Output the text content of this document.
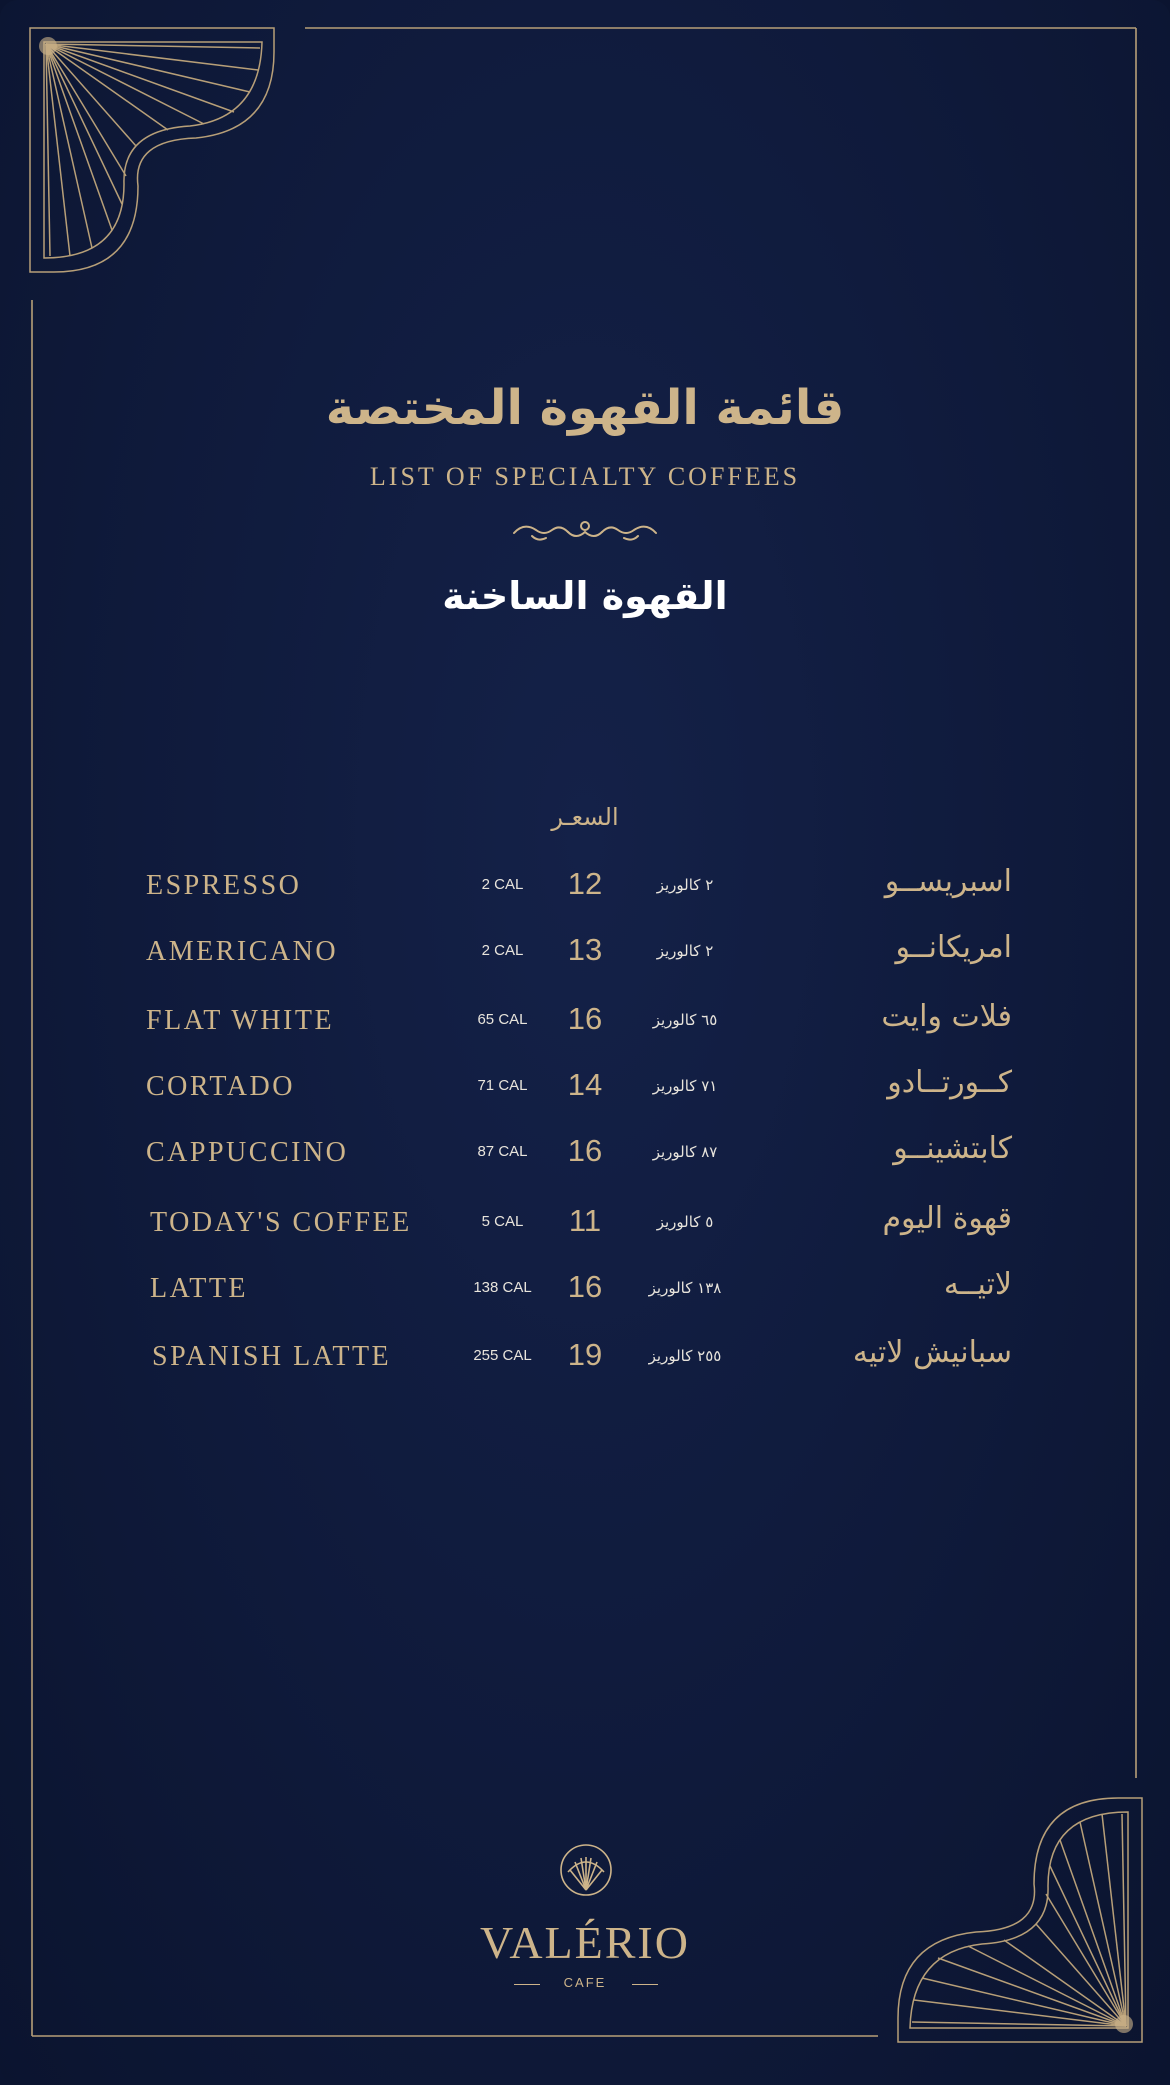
قائمة القهوة المختصة
LIST OF SPECIALTY COFFEES
القهوة الساخنة
السعـر
ESPRESSO	2 CAL	12	٢ كالوريز	اسبريســو
AMERICANO	2 CAL	13	٢ كالوريز	امريكانــو
FLAT WHITE	65 CAL	16	٦٥ كالوريز	فلات وايت
CORTADO	71 CAL	14	٧١ كالوريز	كــورتــادو
CAPPUCCINO	87 CAL	16	٨٧ كالوريز	كابتشينــو
TODAY'S COFFEE	5 CAL	11	٥ كالوريز	قهوة اليوم
LATTE	138 CAL	16	١٣٨ كالوريز	لاتيــه
SPANISH LATTE	255 CAL	19	٢٥٥ كالوريز	سبانيش لاتيه
VALÉRIO
CAFE
